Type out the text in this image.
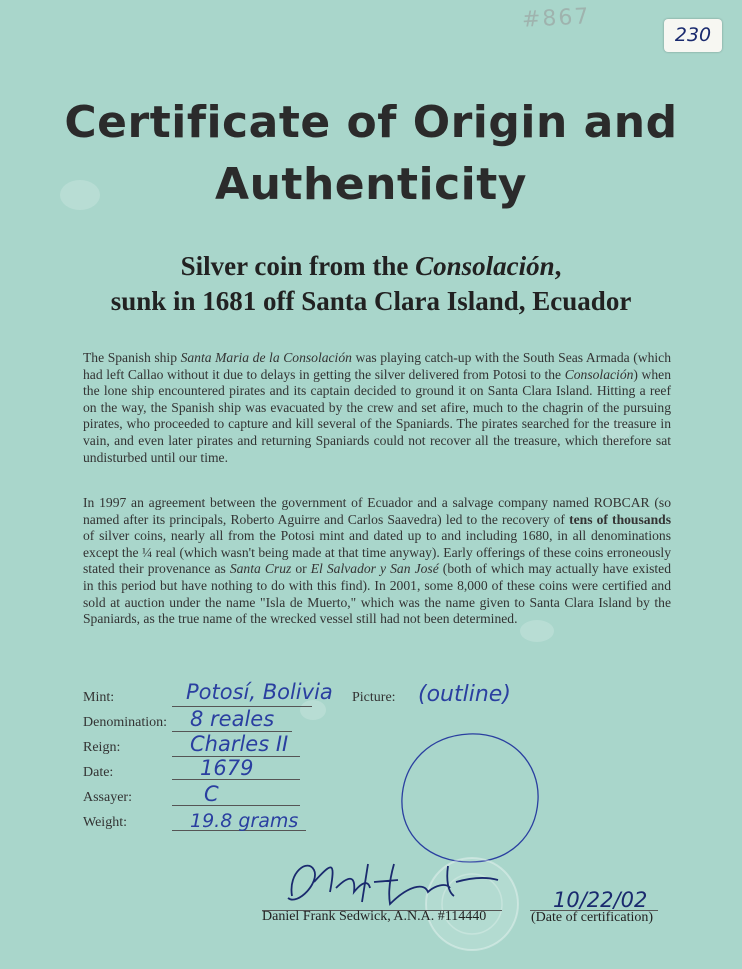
#867
230
Certificate of Origin and
Authenticity
Silver coin from the Consolación,
sunk in 1681 off Santa Clara Island, Ecuador
The Spanish ship Santa Maria de la Consolación was playing catch-up with the South Seas Armada (which had left Callao without it due to delays in getting the silver delivered from Potosi to the Consolación) when the lone ship encountered pirates and its captain decided to ground it on Santa Clara Island. Hitting a reef on the way, the Spanish ship was evacuated by the crew and set afire, much to the chagrin of the pursuing pirates, who proceeded to capture and kill several of the Spaniards. The pirates searched for the treasure in vain, and even later pirates and returning Spaniards could not recover all the treasure, which therefore sat undisturbed until our time.
In 1997 an agreement between the government of Ecuador and a salvage company named ROBCAR (so named after its principals, Roberto Aguirre and Carlos Saavedra) led to the recovery of tens of thousands of silver coins, nearly all from the Potosi mint and dated up to and including 1680, in all denominations except the ¼ real (which wasn't being made at that time anyway). Early offerings of these coins erroneously stated their provenance as Santa Cruz or El Salvador y San José (both of which may actually have existed in this period but have nothing to do with this find). In 2001, some 8,000 of these coins were certified and sold at auction under the name "Isla de Muerto," which was the name given to Santa Clara Island by the Spaniards, as the true name of the wrecked vessel still had not been determined.
Mint:	Potosí, Bolivia
Denomination: 8 reales
Reign:	Charles II
Date:	1679
Assayer:	C
Weight:	19.8 grams
Picture: (outline)
Daniel Frank Sedwick, A.N.A. #114440
10/22/02
(Date of certification)
